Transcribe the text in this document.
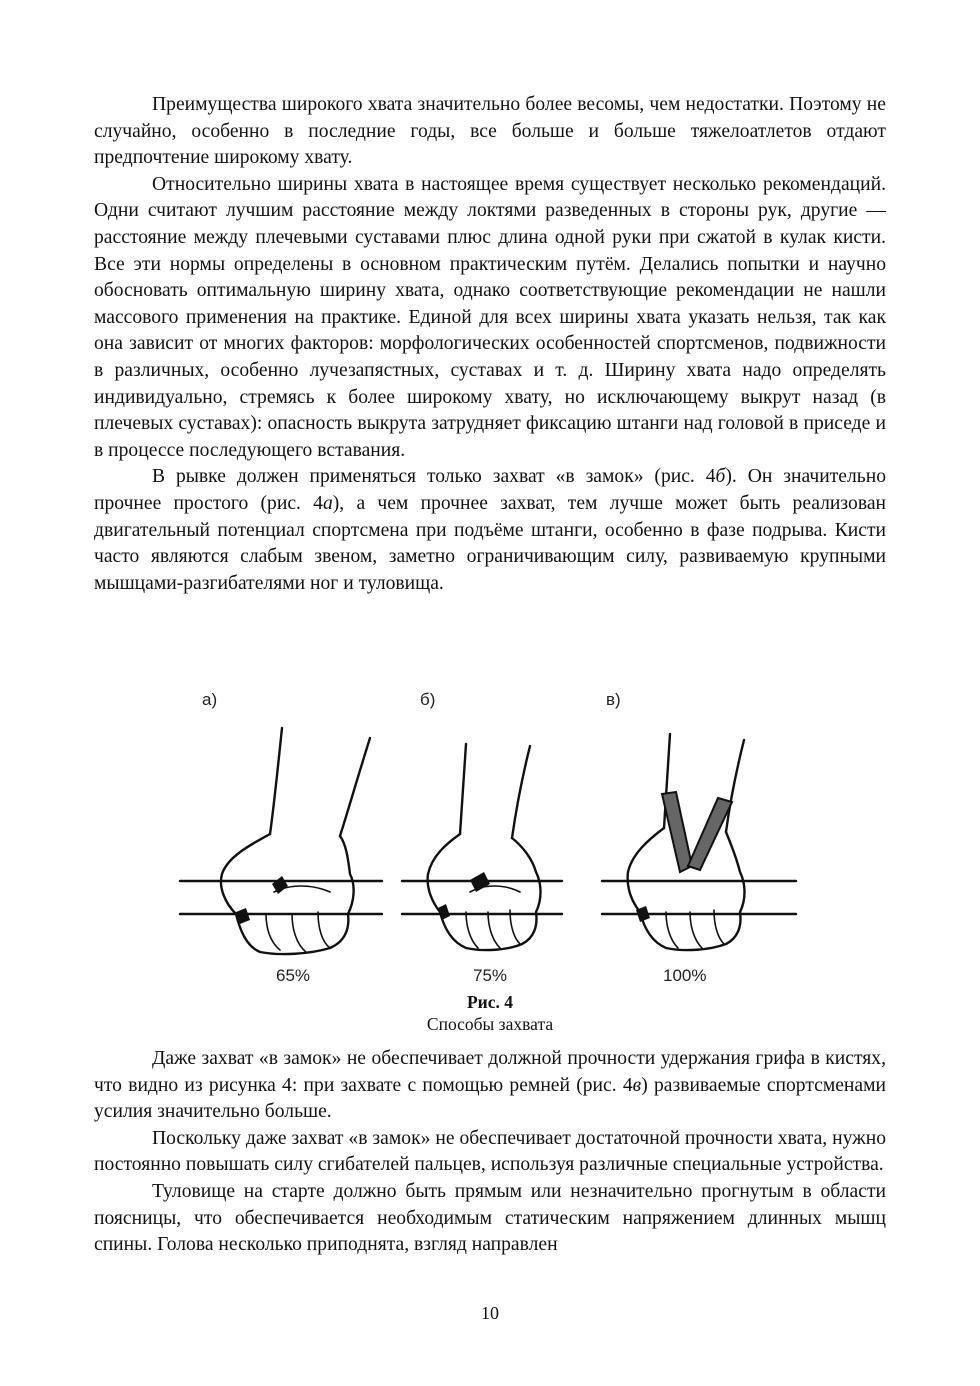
Преимущества широкого хвата значительно более весомы, чем недостатки. Поэтому не случайно, особенно в последние годы, все больше и больше тяжелоатлетов отдают предпочтение широкому хвату.

Относительно ширины хвата в настоящее время существует несколько рекомендаций. Одни считают лучшим расстояние между локтями разведенных в стороны рук, другие — расстояние между плечевыми суставами плюс длина одной руки при сжатой в кулак кисти. Все эти нормы определены в основном практическим путём. Делались попытки и научно обосновать оптимальную ширину хвата, однако соответствующие рекомендации не нашли массового применения на практике. Единой для всех ширины хвата указать нельзя, так как она зависит от многих факторов: морфологических особенностей спортсменов, подвижности в различных, особенно лучезапястных, суставах и т. д. Ширину хвата надо определять индивидуально, стремясь к более широкому хвату, но исключающему выкрут назад (в плечевых суставах): опасность выкрута затрудняет фиксацию штанги над головой в приседе и в процессе последующего вставания.

В рывке должен применяться только захват «в замок» (рис. 4б). Он значительно прочнее простого (рис. 4а), а чем прочнее захват, тем лучше может быть реализован двигательный потенциал спортсмена при подъёме штанги, особенно в фазе подрыва. Кисти часто являются слабым звеном, заметно ограничивающим силу, развиваемую крупными мышцами-разгибателями ног и туловища.

а)	б)	в)
65%	75%	100%
Рис. 4
Способы захвата

Даже захват «в замок» не обеспечивает должной прочности удержания грифа в кистях, что видно из рисунка 4: при захвате с помощью ремней (рис. 4в) развиваемые спортсменами усилия значительно больше.

Поскольку даже захват «в замок» не обеспечивает достаточной прочности хвата, нужно постоянно повышать силу сгибателей пальцев, используя различные специальные устройства.

Туловище на старте должно быть прямым или незначительно прогнутым в области поясницы, что обеспечивается необходимым статическим напряжением длинных мышц спины. Голова несколько приподнята, взгляд направлен

10
